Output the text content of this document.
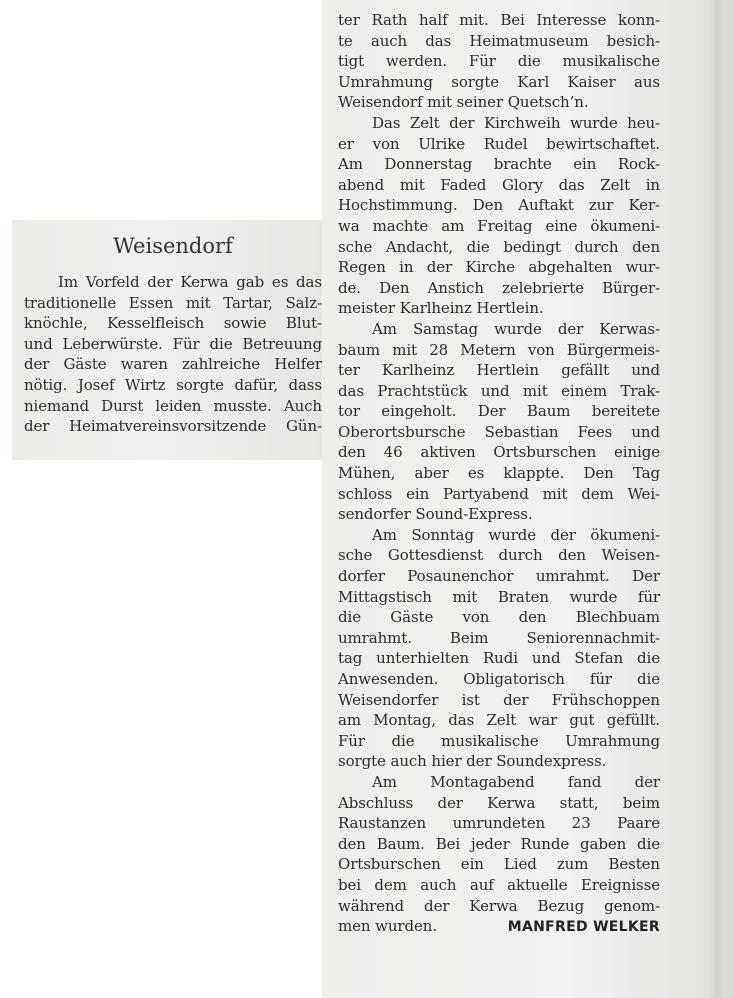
Weisendorf
Im Vorfeld der Kerwa gab es das
traditionelle Essen mit Tartar, Salz-
knöchle, Kesselfleisch sowie Blut-
und Leberwürste. Für die Betreuung
der Gäste waren zahlreiche Helfer
nötig. Josef Wirtz sorgte dafür, dass
niemand Durst leiden musste. Auch
der Heimatvereinsvorsitzende Gün-
ter Rath half mit. Bei Interesse konn-
te auch das Heimatmuseum besich-
tigt werden. Für die musikalische
Umrahmung sorgte Karl Kaiser aus
Weisendorf mit seiner Quetsch’n.
Das Zelt der Kirchweih wurde heu-
er von Ulrike Rudel bewirtschaftet.
Am Donnerstag brachte ein Rock-
abend mit Faded Glory das Zelt in
Hochstimmung. Den Auftakt zur Ker-
wa machte am Freitag eine ökumeni-
sche Andacht, die bedingt durch den
Regen in der Kirche abgehalten wur-
de. Den Anstich zelebrierte Bürger-
meister Karlheinz Hertlein.
Am Samstag wurde der Kerwas-
baum mit 28 Metern von Bürgermeis-
ter Karlheinz Hertlein gefällt und
das Prachtstück und mit einem Trak-
tor eingeholt. Der Baum bereitete
Oberortsbursche Sebastian Fees und
den 46 aktiven Ortsburschen einige
Mühen, aber es klappte. Den Tag
schloss ein Partyabend mit dem Wei-
sendorfer Sound-Express.
Am Sonntag wurde der ökumeni-
sche Gottesdienst durch den Weisen-
dorfer Posaunenchor umrahmt. Der
Mittagstisch mit Braten wurde für
die Gäste von den Blechbuam
umrahmt. Beim Seniorennachmit-
tag unterhielten Rudi und Stefan die
Anwesenden. Obligatorisch für die
Weisendorfer ist der Frühschoppen
am Montag, das Zelt war gut gefüllt.
Für die musikalische Umrahmung
sorgte auch hier der Soundexpress.
Am Montagabend fand der
Abschluss der Kerwa statt, beim
Raustanzen umrundeten 23 Paare
den Baum. Bei jeder Runde gaben die
Ortsburschen ein Lied zum Besten
bei dem auch auf aktuelle Ereignisse
während der Kerwa Bezug genom-
men wurden.	MANFRED WELKER
